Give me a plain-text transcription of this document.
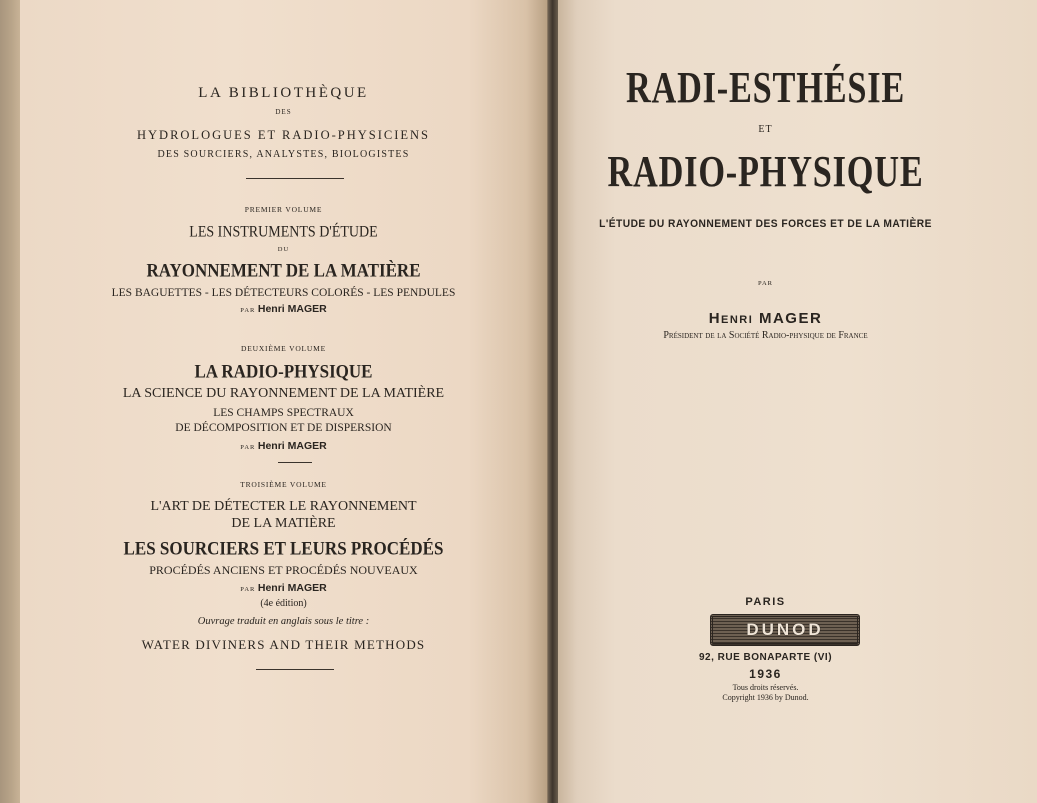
LA BIBLIOTHÈQUE
DES
HYDROLOGUES ET RADIO-PHYSICIENS
DES SOURCIERS, ANALYSTES, BIOLOGISTES
PREMIER VOLUME
LES INSTRUMENTS D'ÉTUDE
DU
RAYONNEMENT DE LA MATIÈRE
LES BAGUETTES - LES DÉTECTEURS COLORÉS - LES PENDULES
PAR Henri MAGER
DEUXIÈME VOLUME
LA RADIO-PHYSIQUE
LA SCIENCE DU RAYONNEMENT DE LA MATIÈRE
LES CHAMPS SPECTRAUX
DE DÉCOMPOSITION ET DE DISPERSION
PAR Henri MAGER
TROISIÈME VOLUME
L'ART DE DÉTECTER LE RAYONNEMENT
DE LA MATIÈRE
LES SOURCIERS ET LEURS PROCÉDÉS
PROCÉDÉS ANCIENS ET PROCÉDÉS NOUVEAUX
PAR Henri MAGER
(4e édition)
Ouvrage traduit en anglais sous le titre :
WATER DIVINERS AND THEIR METHODS
RADI-ESTHÉSIE
ET
RADIO-PHYSIQUE
L'ÉTUDE DU RAYONNEMENT DES FORCES ET DE LA MATIÈRE
PAR
Henri MAGER
Président de la Société Radio-physique de France
PARIS
DUNOD
92, RUE BONAPARTE (VI)
1936
Tous droits réservés.
Copyright 1936 by Dunod.
